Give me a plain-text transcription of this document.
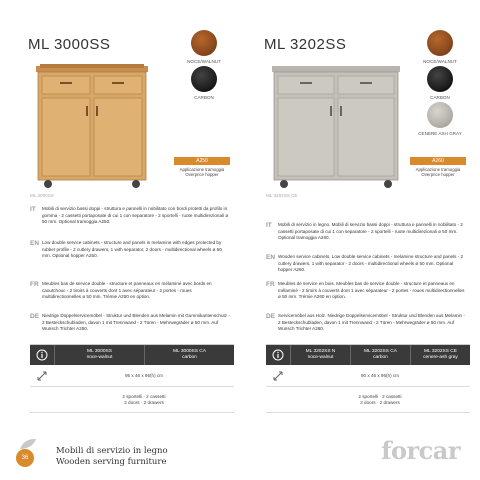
ML 3000SS
NOCE/WALNUT
CARBON
A250
Applicazione tramoggia Overprice hopper
ML 3000SS
IT Mobili di servizio bassi doppi - struttura e pannelli in nobilitato con bordi protetti da profilo in gomma - 2 cassetti portaposate di cui 1 con separatore - 2 sportelli - ruote multidirezionali ø 50 mm. Optional tramoggia A250.
EN Low double service cabinets - structure and panels in melamine with edges protected by rubber profile - 2 cutlery drawers, 1 with separator, 2 doors - multidirectional wheels ø 50 mm. Optional hopper A250.
FR Meubles bas de service double - structure et panneaux en mélaminé avec bords en caoutchouc - 2 tiroirs à couverts dont 1 avec séparateur - 2 portes - roues multidirectionnelles ø 50 mm. Trémie A250 en option.
DE Niedrige Doppelservicemöbel - Struktur und Blenden aus Melamin mit Gummikantenschutz - 2 Besteckschubladen, davon 1 mit Trennwand - 2 Türen - Mehrwegräder ø 50 mm. Auf Wunsch Trichter A250.
ML 3000SS
noce-walnut
ML 3000SS CA
carbon
95 x 46 x 96(h) cm
2 sportelli · 2 cassetti
2 doors · 2 drawers
ML 3202SS
NOCE/WALNUT
CARBON
CENERE ASH GRAY
A260
Applicazione tramoggia Overprice hopper
ML 3202SS CE
IT Mobili di servizio in legno. Mobili di servizio bassi doppi - struttura e pannelli in nobilitato - 2 cassetti portaposate di cui 1 con separatore - 2 sportelli - ruote multidirezionali ø 50 mm. Optional tramoggia A260.
EN Wooden service cabinets. Low double service cabinets - melamine structure and panels - 2 cutlery drawers, 1 with separator - 2 doors - multidirectional wheels ø 50 mm. Optional hopper A260.
FR Meubles de service en bois. Meubles bas de service double - structure et panneaux en mélaminé - 2 tiroirs à couverts dont 1 avec séparateur - 2 portes - roues multidirectionnelles ø 50 mm. Trémie A260 en option.
DE Servicemöbel aus Holz. Niedrige Doppelservicemöbel - Struktur und Blenden aus Melamin - 2 Besteckschubladen, davon 1 mit Trennwand - 2 Türen - Mehrwegräder ø 50 mm. Auf Wunsch Trichter A260.
ML 3202SS N
noce-walnut
ML 3202SS CA
carbon
ML 3202SS CE
cenere-ash gray
90 x 46 x 96(h) cm
2 sportelli · 2 cassetti
2 doors · 2 drawers
36
Mobili di servizio in legno
Wooden serving furniture	forcar
